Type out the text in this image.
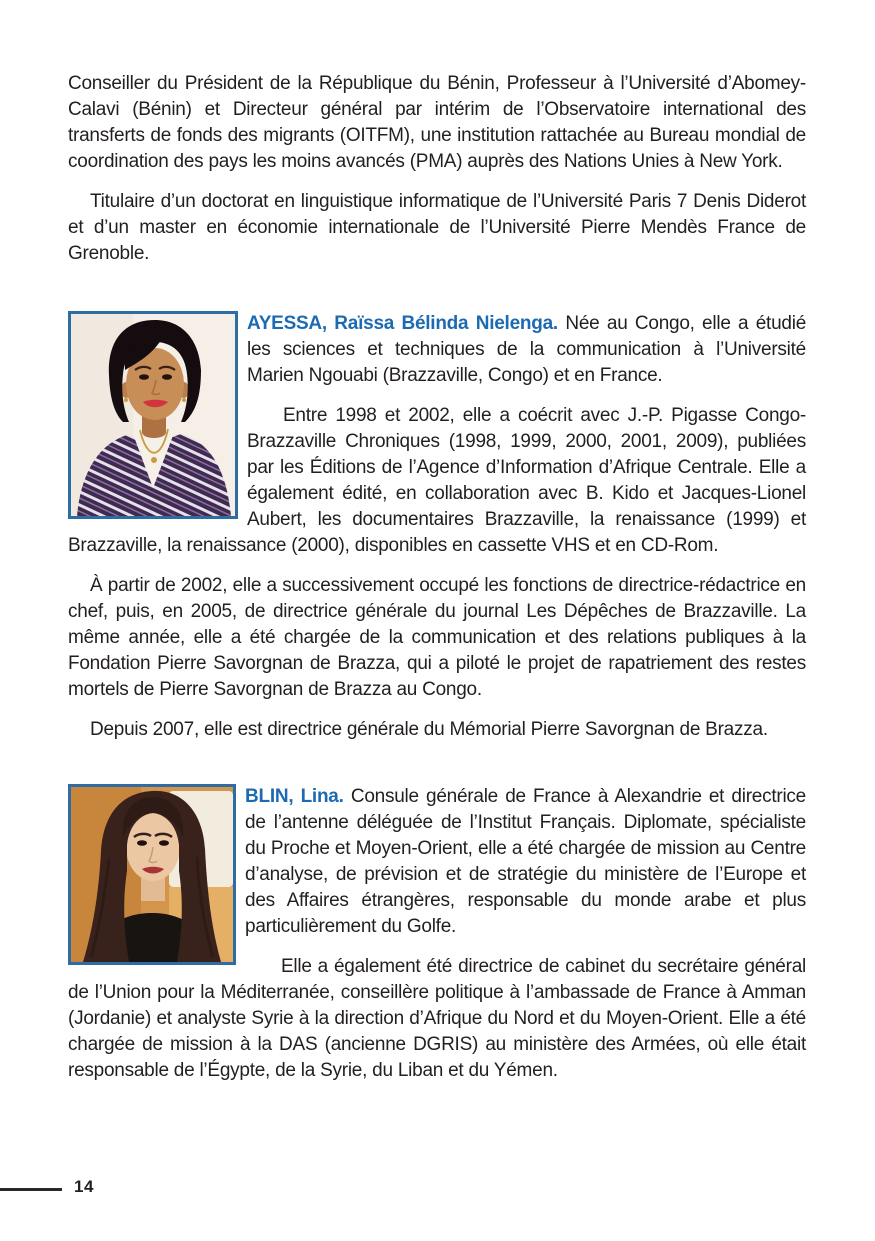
Conseiller du Président de la République du Bénin, Professeur à l’Université d’Abomey-Calavi (Bénin) et Directeur général par intérim de l’Observatoire international des transferts de fonds des migrants (OITFM), une institution rattachée au Bureau mondial de coordination des pays les moins avancés (PMA) auprès des Nations Unies à New York.

Titulaire d’un doctorat en linguistique informatique de l’Université Paris 7 Denis Diderot et d’un master en économie internationale de l’Université Pierre Mendès France de Grenoble.

AYESSA, Raïssa Bélinda Nielenga. Née au Congo, elle a étudié les sciences et techniques de la communication à l’Université Marien Ngouabi (Brazzaville, Congo) et en France.

Entre 1998 et 2002, elle a coécrit avec J.-P. Pigasse Congo-Brazzaville Chroniques (1998, 1999, 2000, 2001, 2009), publiées par les Éditions de l’Agence d’Information d’Afrique Centrale. Elle a également édité, en collaboration avec B. Kido et Jacques-Lionel Aubert, les documentaires Brazzaville, la renaissance (1999) et Brazzaville, la renaissance (2000), disponibles en cassette VHS et en CD-Rom.

À partir de 2002, elle a successivement occupé les fonctions de directrice-rédactrice en chef, puis, en 2005, de directrice générale du journal Les Dépêches de Brazzaville. La même année, elle a été chargée de la communication et des relations publiques à la Fondation Pierre Savorgnan de Brazza, qui a piloté le projet de rapatriement des restes mortels de Pierre Savorgnan de Brazza au Congo.

Depuis 2007, elle est directrice générale du Mémorial Pierre Savorgnan de Brazza.

BLIN, Lina. Consule générale de France à Alexandrie et directrice de l’antenne déléguée de l’Institut Français. Diplomate, spécialiste du Proche et Moyen-Orient, elle a été chargée de mission au Centre d’analyse, de prévision et de stratégie du ministère de l’Europe et des Affaires étrangères, responsable du monde arabe et plus particulièrement du Golfe.

Elle a également été directrice de cabinet du secrétaire général de l’Union pour la Méditerranée, conseillère politique à l’ambassade de France à Amman (Jordanie) et analyste Syrie à la direction d’Afrique du Nord et du Moyen-Orient. Elle a été chargée de mission à la DAS (ancienne DGRIS) au ministère des Armées, où elle était responsable de l’Égypte, de la Syrie, du Liban et du Yémen.

14
